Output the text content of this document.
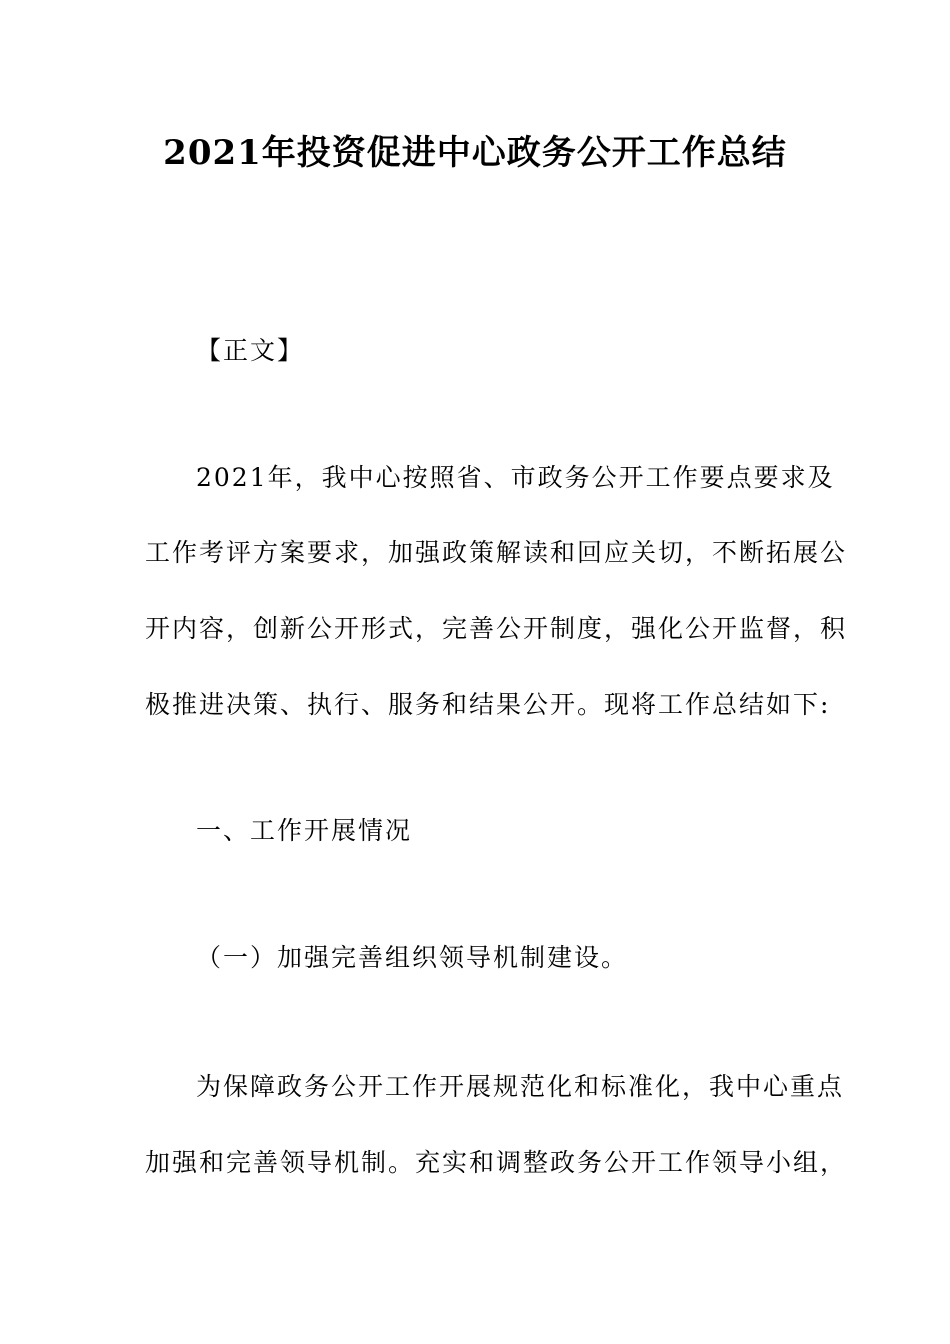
2021年投资促进中心政务公开工作总结
【正文】
2021年，我中心按照省、市政务公开工作要点要求及
工作考评方案要求，加强政策解读和回应关切，不断拓展公
开内容，创新公开形式，完善公开制度，强化公开监督，积
极推进决策、执行、服务和结果公开。现将工作总结如下:
一、工作开展情况
（一）加强完善组织领导机制建设。
为保障政务公开工作开展规范化和标准化，我中心重点
加强和完善领导机制。充实和调整政务公开工作领导小组，
